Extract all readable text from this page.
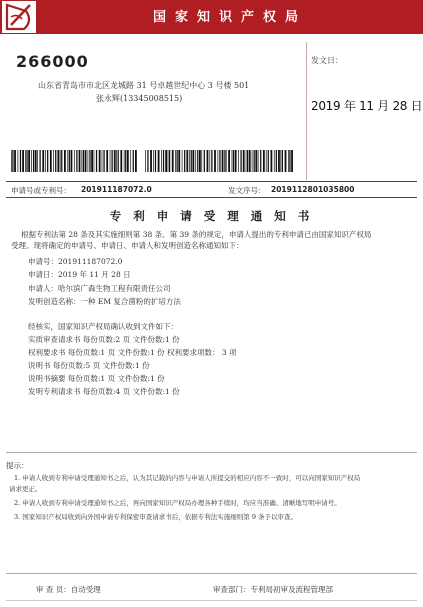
国家知识产权局
266000
山东省青岛市市北区龙城路 31 号卓越世纪中心 3 号楼 501
张永辉(13345008515)
发文日：
2019 年 11 月 28 日
申请号或专利号： 201911187072.0	发文序号： 2019112801035800
专 利 申 请 受 理 通 知 书
根据专利法第 28 条及其实施细则第 38 条、第 39 条的规定，申请人提出的专利申请已由国家知识产权局
受理。现将确定的申请号、申请日、申请人和发明创造名称通知如下：
申请号：201911187072.0
申请日：2019 年 11 月 28 日
申请人：哈尔滨广森生物工程有限责任公司
发明创造名称：一种 EM 复合菌粉的扩培方法
经核实，国家知识产权局确认收到文件如下：
实质审查请求书 每份页数:2 页 文件份数:1 份
权利要求书 每份页数:1 页 文件份数:1 份 权利要求项数： 3 项
说明书 每份页数:5 页 文件份数:1 份
说明书摘要 每份页数:1 页 文件份数:1 份
发明专利请求书 每份页数:4 页 文件份数:1 份
提示：
1. 申请人收到专利申请受理通知书之后，认为其记载的内容与申请人所提交的相应内容不一致时，可以向国家知识产权局
请求更正。
2. 申请人收到专利申请受理通知书之后，再向国家知识产权局办理各种手续时，均应当准确、清晰地写明申请号。
3. 国家知识产权局收到向外国申请专利保密审查请求书后，依据专利法实施细则第 9 条予以审查。
审 查 员：自动受理	审查部门：专利局初审及流程管理部
